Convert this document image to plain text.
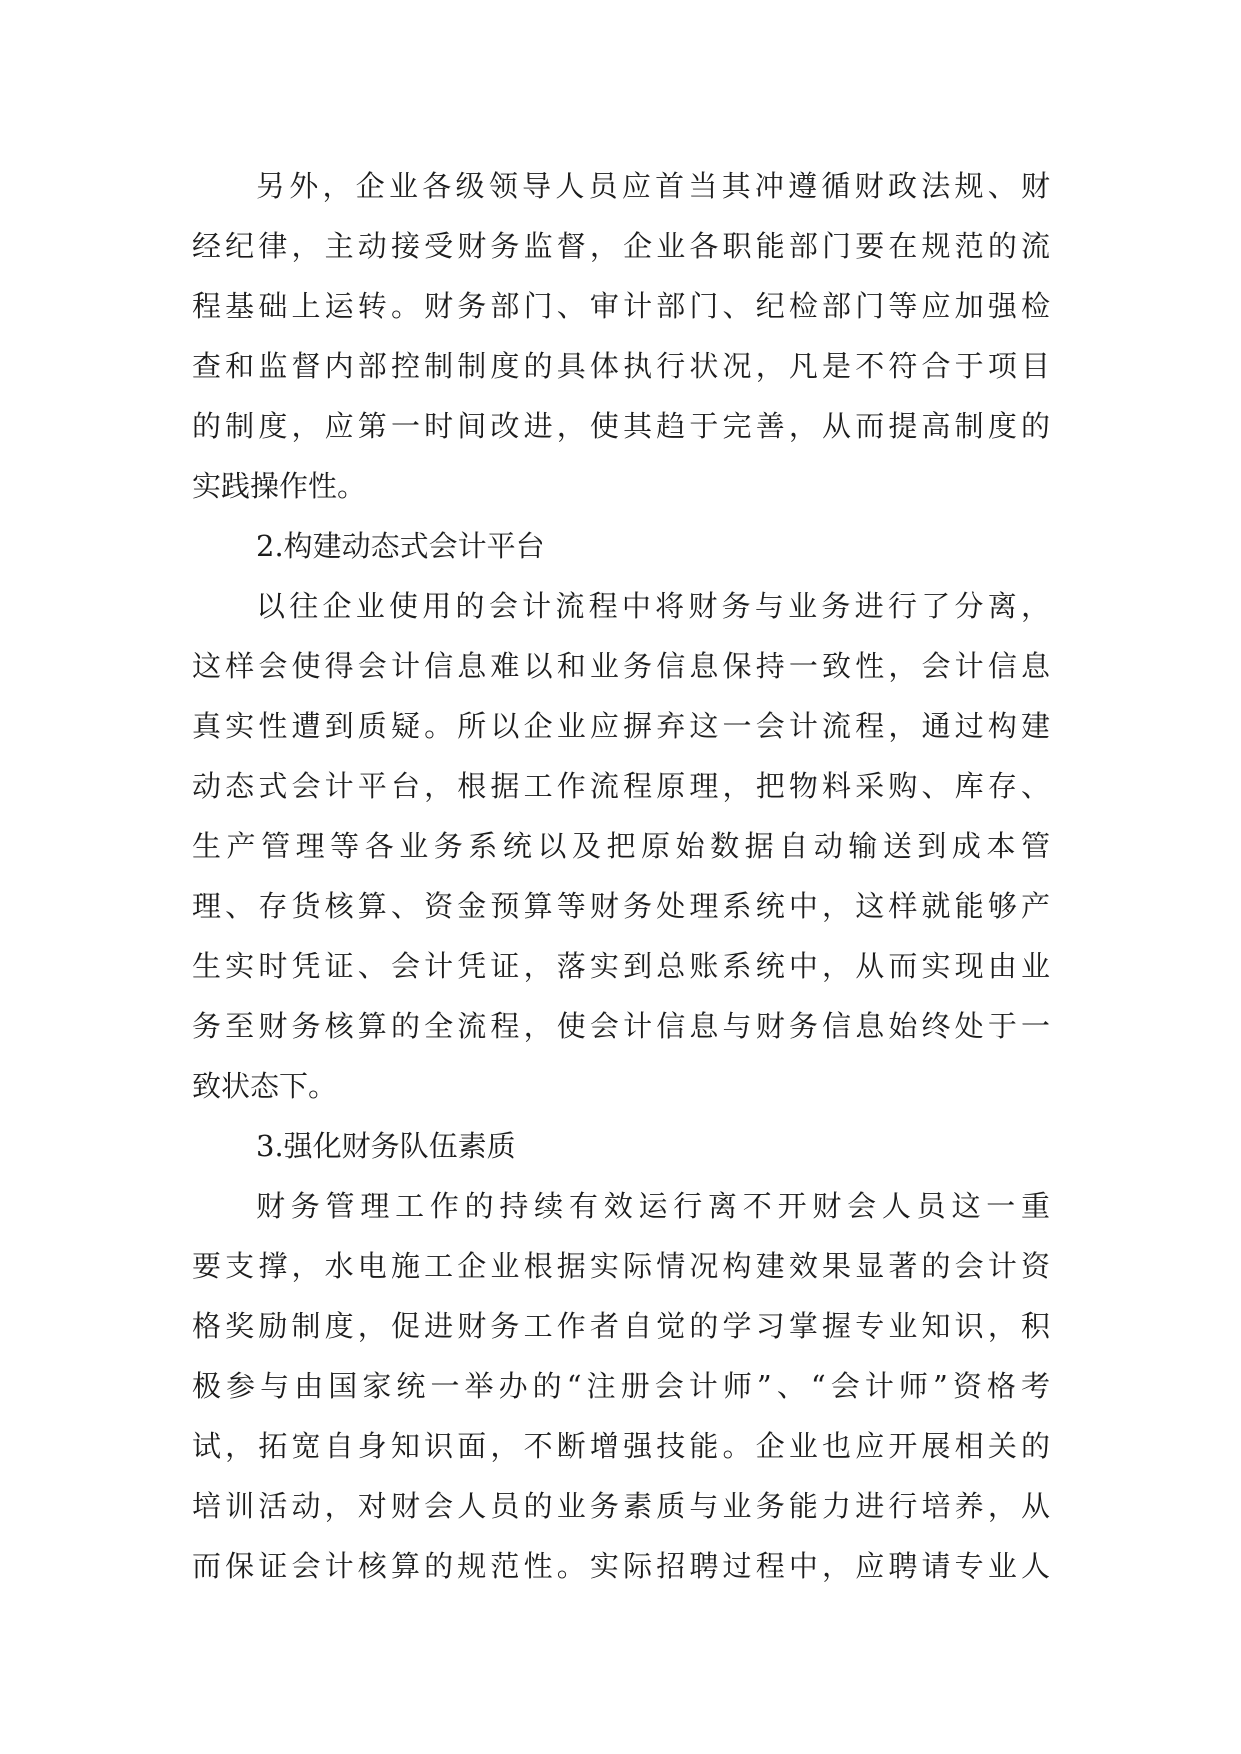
另外，企业各级领导人员应首当其冲遵循财政法规、财
经纪律，主动接受财务监督，企业各职能部门要在规范的流
程基础上运转。财务部门、审计部门、纪检部门等应加强检
查和监督内部控制制度的具体执行状况，凡是不符合于项目
的制度，应第一时间改进，使其趋于完善，从而提高制度的
实践操作性。
2.构建动态式会计平台
以往企业使用的会计流程中将财务与业务进行了分离，
这样会使得会计信息难以和业务信息保持一致性，会计信息
真实性遭到质疑。所以企业应摒弃这一会计流程，通过构建
动态式会计平台，根据工作流程原理，把物料采购、库存、
生产管理等各业务系统以及把原始数据自动输送到成本管
理、存货核算、资金预算等财务处理系统中，这样就能够产
生实时凭证、会计凭证，落实到总账系统中，从而实现由业
务至财务核算的全流程，使会计信息与财务信息始终处于一
致状态下。
3.强化财务队伍素质
财务管理工作的持续有效运行离不开财会人员这一重
要支撑，水电施工企业根据实际情况构建效果显著的会计资
格奖励制度，促进财务工作者自觉的学习掌握专业知识，积
极参与由国家统一举办的“注册会计师”、“会计师”资格考
试，拓宽自身知识面，不断增强技能。企业也应开展相关的
培训活动，对财会人员的业务素质与业务能力进行培养，从
而保证会计核算的规范性。实际招聘过程中，应聘请专业人
